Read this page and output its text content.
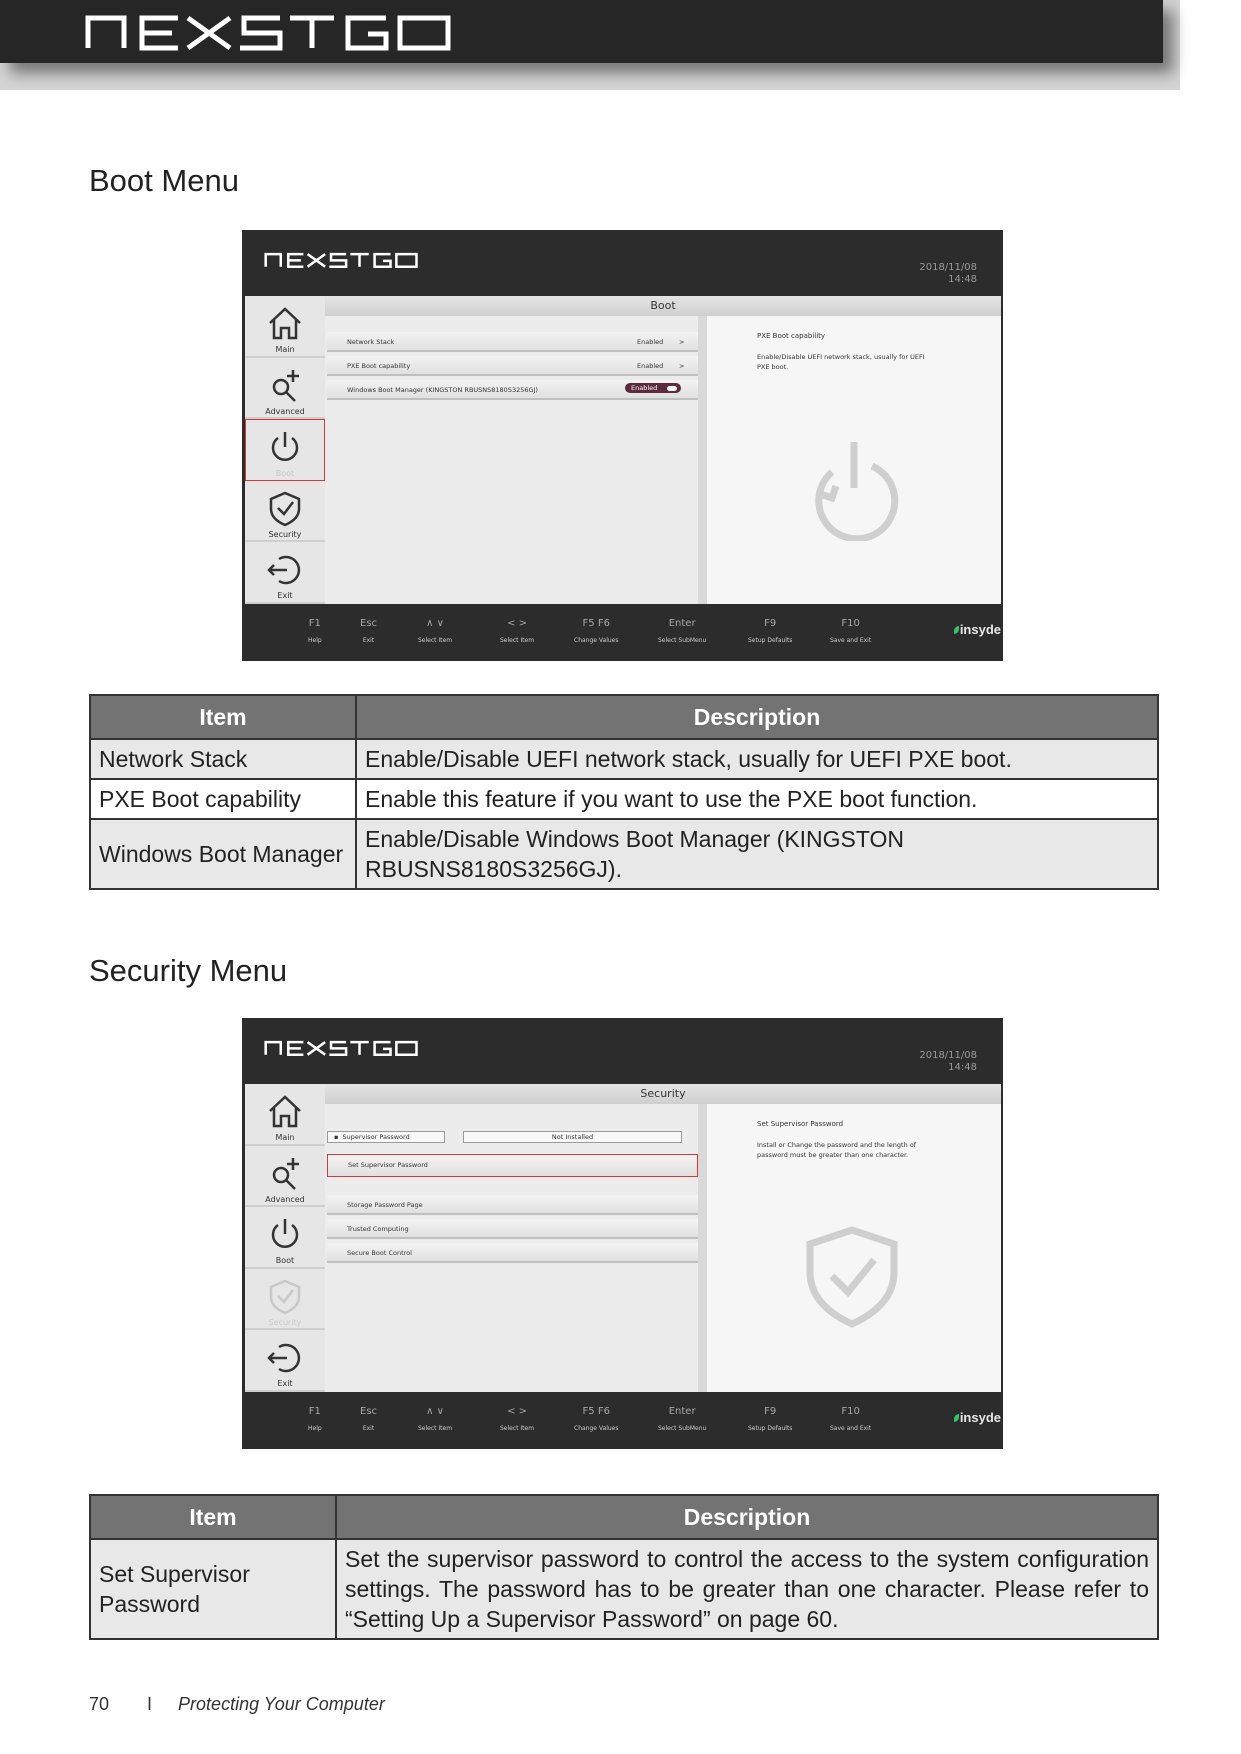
Boot Menu
2018/11/08
14:48
Main
Advanced
Boot
Security
Exit
Boot
Network Stack	Enabled >
PXE Boot capability	Enabled >
Windows Boot Manager (KINGSTON RBUSNS8180S3256GJ)	Enabled
PXE Boot capability
Enable/Disable UEFI network stack, usually for UEFI PXE boot.
F1
Help
Esc
Exit
∧ ∨
Select Item
< >
Select Item
F5 F6
Change Values
Enter
Select SubMenu
F9
Setup Defaults
F10
Save and Exit
insyde
Item	Description
Network Stack	Enable/Disable UEFI network stack, usually for UEFI PXE boot.
PXE Boot capability	Enable this feature if you want to use the PXE boot function.
Windows Boot Manager	Enable/Disable Windows Boot Manager (KINGSTON RBUSNS8180S3256GJ).
Security Menu
2018/11/08
14:48
Main
Advanced
Boot
Security
Exit
Security
▪  Supervisor Password	Not Installed
Set Supervisor Password
Storage Password Page
Trusted Computing
Secure Boot Control
Set Supervisor Password
Install or Change the password and the length of password must be greater than one character.
F1
Help
Esc
Exit
∧ ∨
Select Item
< >
Select Item
F5 F6
Change Values
Enter
Select SubMenu
F9
Setup Defaults
F10
Save and Exit
insyde
Item	Description
Set Supervisor Password	Set the supervisor password to control the access to the system configuration settings. The password has to be greater than one character. Please refer to “Setting Up a Supervisor Password” on page 60.
70 I Protecting Your Computer
